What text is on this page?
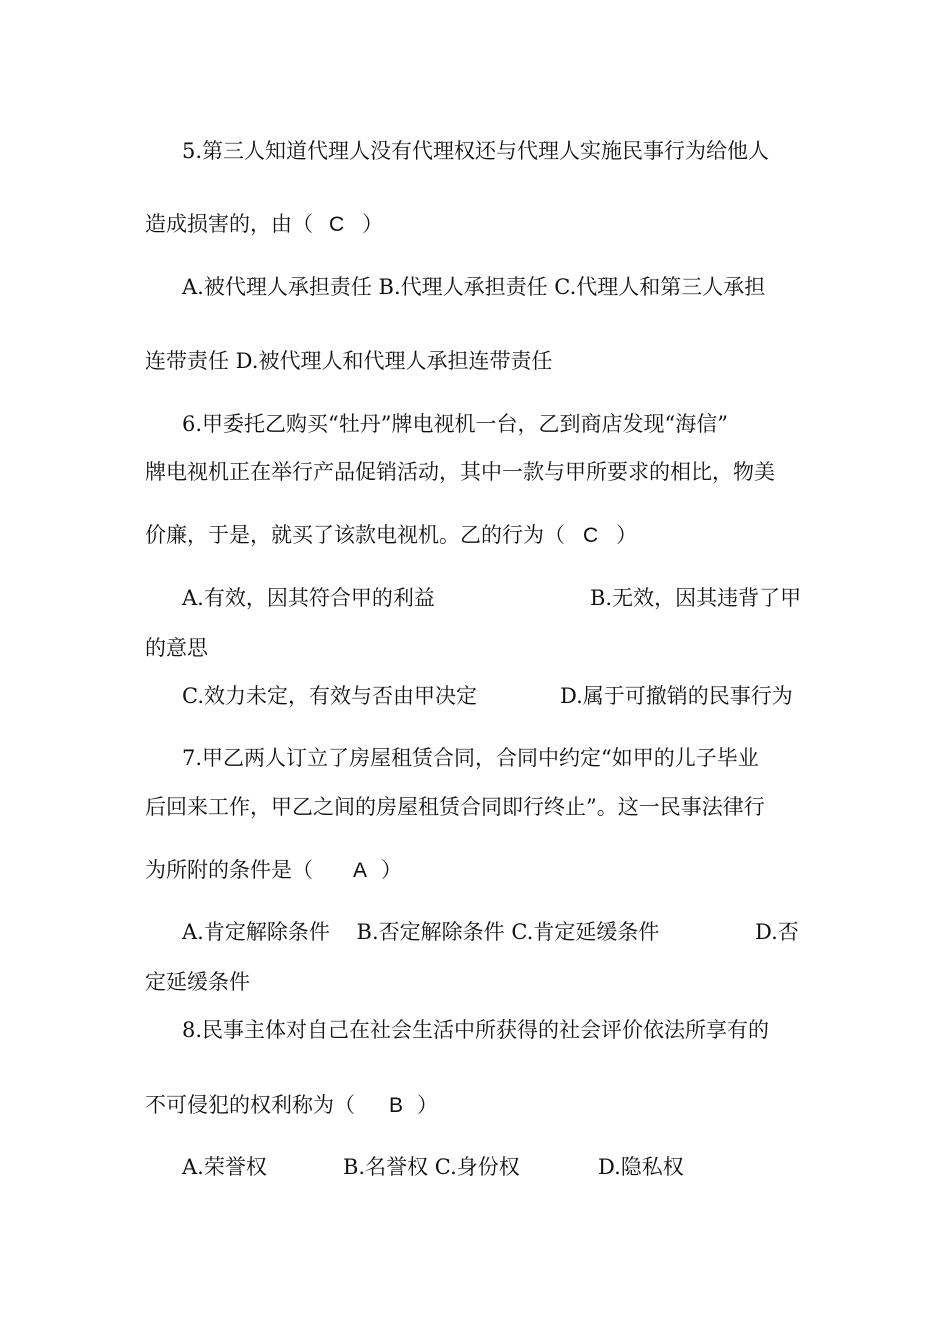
5.第三人知道代理人没有代理权还与代理人实施民事行为给他人
造成损害的，由（ C ）
A.被代理人承担责任 B.代理人承担责任 C.代理人和第三人承担
连带责任 D.被代理人和代理人承担连带责任
6.甲委托乙购买“牡丹”牌电视机一台，乙到商店发现“海信”
牌电视机正在举行产品促销活动，其中一款与甲所要求的相比，物美
价廉，于是，就买了该款电视机。乙的行为（ C ）
A.有效，因其符合甲的利益	B.无效，因其违背了甲
的意思
C.效力未定，有效与否由甲决定	D.属于可撤销的民事行为
7.甲乙两人订立了房屋租赁合同，合同中约定“如甲的儿子毕业
后回来工作，甲乙之间的房屋租赁合同即行终止”。这一民事法律行
为所附的条件是（ A ）
A.肯定解除条件    B.否定解除条件 C.肯定延缓条件	D.否
定延缓条件
8.民事主体对自己在社会生活中所获得的社会评价依法所享有的
不可侵犯的权利称为（ B ）
A.荣誉权	B.名誉权 C.身份权	D.隐私权
